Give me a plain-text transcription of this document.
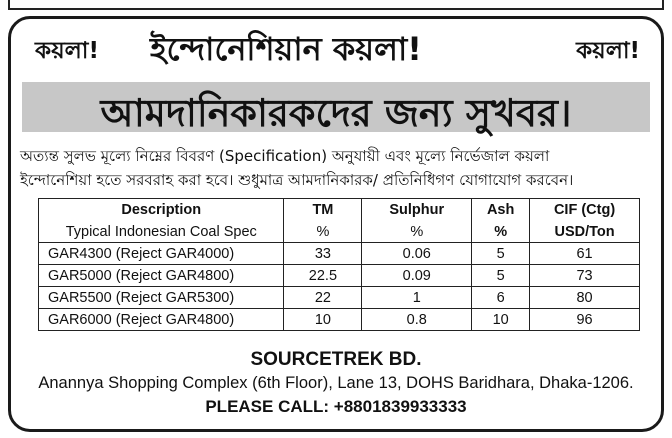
কয়লা! ইন্দোনেশিয়ান কয়লা!	কয়লা!
আমদানিকারকদের জন্য সুখবর।
অত্যন্ত সুলভ মূল্যে নিম্নের বিবরণ (Specification) অনুযায়ী এবং মূল্যে নির্ভেজাল কয়লা
ইন্দোনেশিয়া হতে সরবরাহ করা হবে। শুধুমাত্র আমদানিকারক/ প্রতিনিধিগণ যোগাযোগ করবেন।
Description	TM	Sulphur	Ash	CIF (Ctg)
Typical Indonesian Coal Spec	%	%	%	USD/Ton
GAR4300 (Reject GAR4000)	33	0.06	5	61
GAR5000 (Reject GAR4800)	22.5	0.09	5	73
GAR5500 (Reject GAR5300)	22	1	6	80
GAR6000 (Reject GAR4800)	10	0.8	10	96
SOURCETREK BD.
Anannya Shopping Complex (6th Floor), Lane 13, DOHS Baridhara, Dhaka-1206.
PLEASE CALL: +8801839933333
